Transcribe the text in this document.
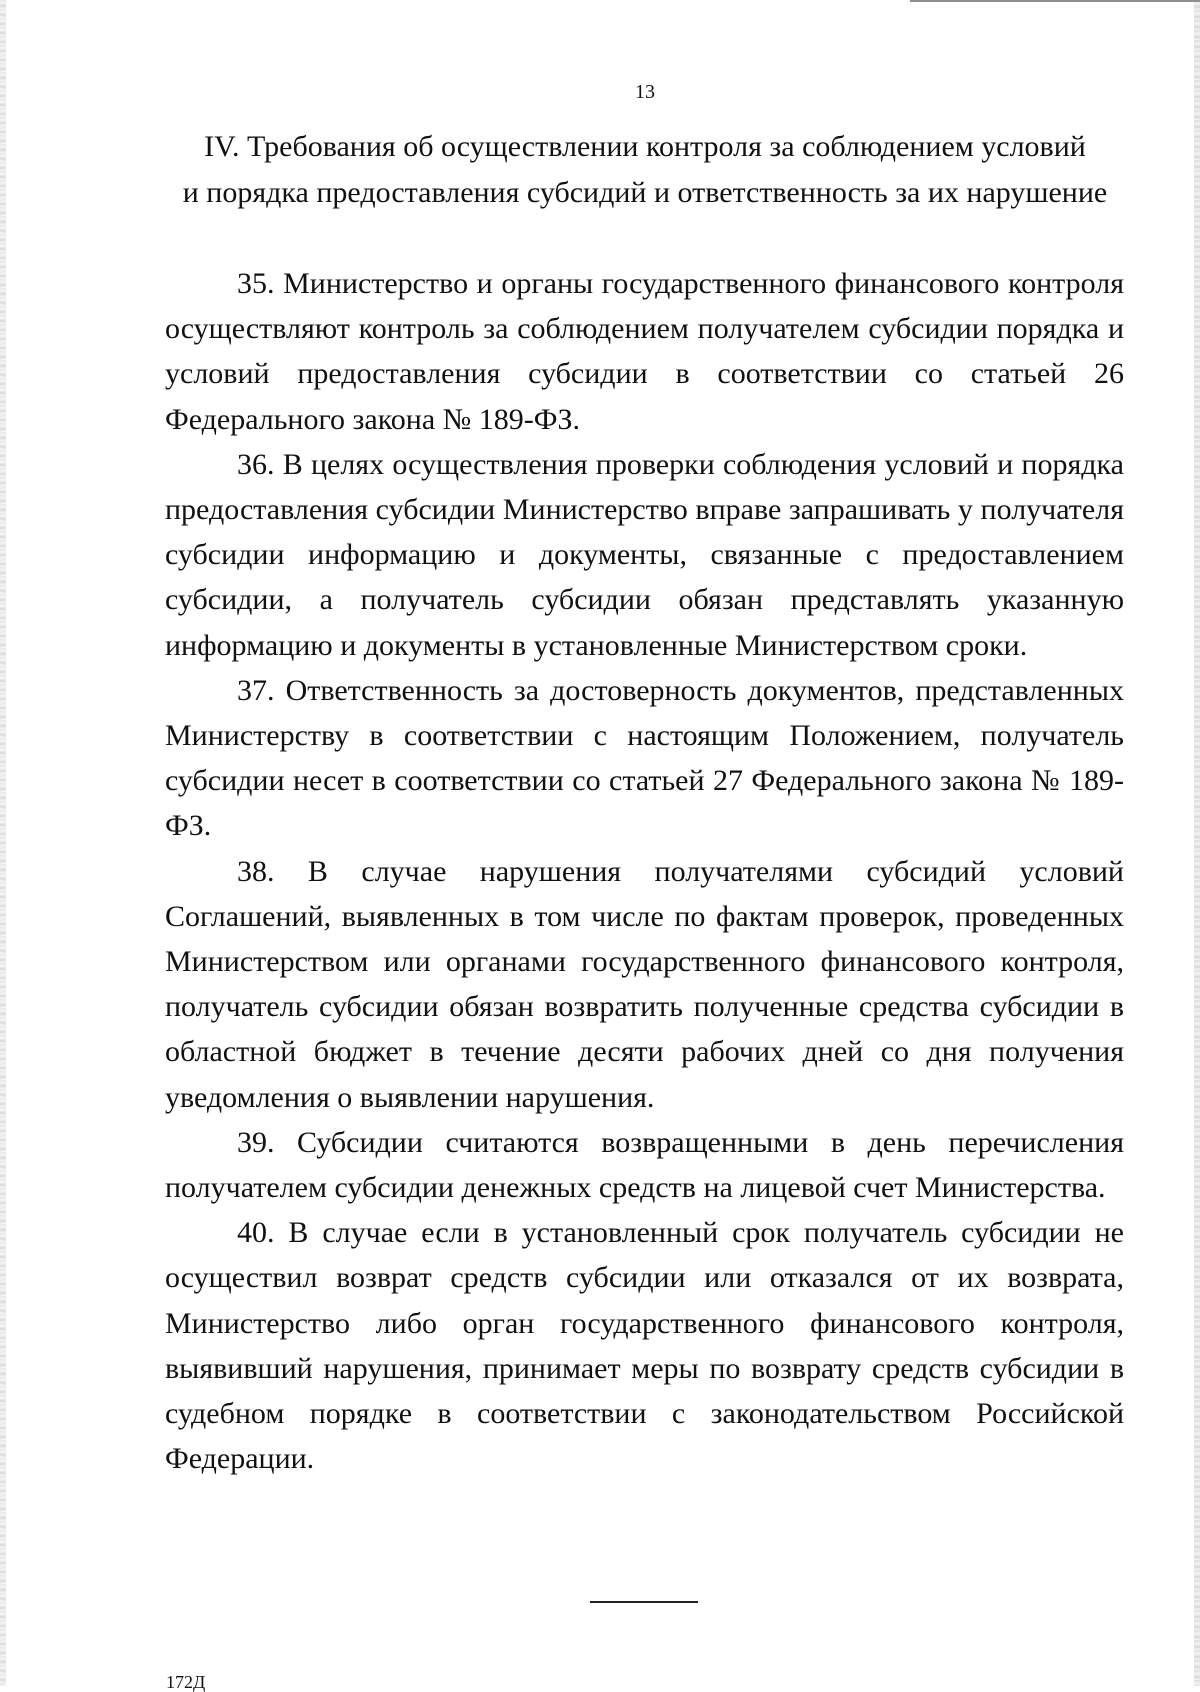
13
IV. Требования об осуществлении контроля за соблюдением условий
и порядка предоставления субсидий и ответственность за их нарушение

35. Министерство и органы государственного финансового контроля осуществляют контроль за соблюдением получателем субсидии порядка и условий предоставления субсидии в соответствии со статьей 26 Федерального закона № 189-ФЗ.

36. В целях осуществления проверки соблюдения условий и порядка предоставления субсидии Министерство вправе запрашивать у получателя субсидии информацию и документы, связанные с предоставлением субсидии, а получатель субсидии обязан представлять указанную информацию и документы в установленные Министерством сроки.

37. Ответственность за достоверность документов, представленных Министерству в соответствии с настоящим Положением, получатель субсидии несет в соответствии со статьей 27 Федерального закона № 189-ФЗ.

38. В случае нарушения получателями субсидий условий Соглашений, выявленных в том числе по фактам проверок, проведенных Министерством или органами государственного финансового контроля, получатель субсидии обязан возвратить полученные средства субсидии в областной бюджет в течение десяти рабочих дней со дня получения уведомления о выявлении нарушения.

39. Субсидии считаются возвращенными в день перечисления получателем субсидии денежных средств на лицевой счет Министерства.

40. В случае если в установленный срок получатель субсидии не осуществил возврат средств субсидии или отказался от их возврата, Министерство либо орган государственного финансового контроля, выявивший нарушения, принимает меры по возврату средств субсидии в судебном порядке в соответствии с законодательством Российской Федерации.

172Д
